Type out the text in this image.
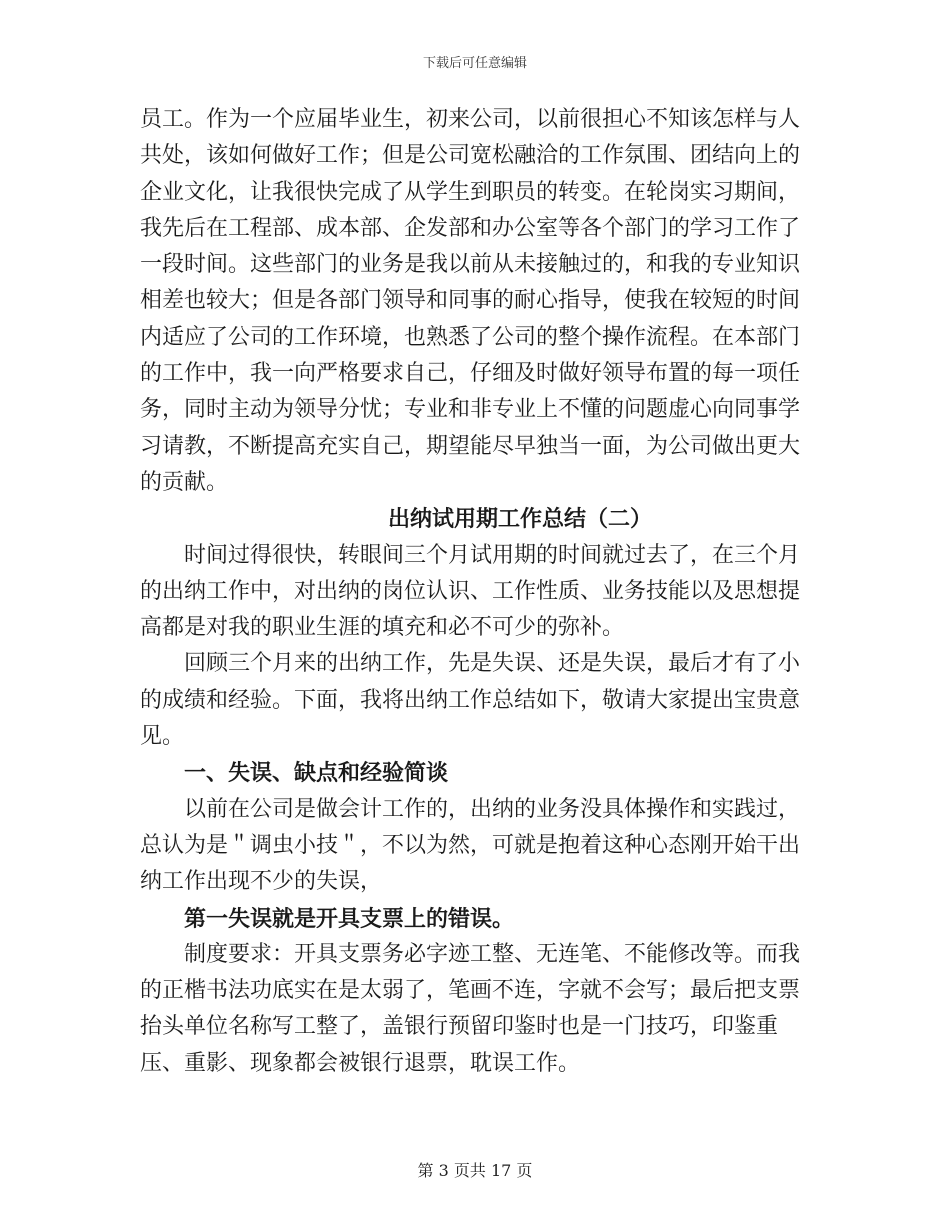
下载后可任意编辑

员工。作为一个应届毕业生，初来公司，以前很担心不知该怎样与人共处，该如何做好工作；但是公司宽松融洽的工作氛围、团结向上的企业文化，让我很快完成了从学生到职员的转变。在轮岗实习期间，我先后在工程部、成本部、企发部和办公室等各个部门的学习工作了一段时间。这些部门的业务是我以前从未接触过的，和我的专业知识相差也较大；但是各部门领导和同事的耐心指导，使我在较短的时间内适应了公司的工作环境，也熟悉了公司的整个操作流程。在本部门的工作中，我一向严格要求自己，仔细及时做好领导布置的每一项任务，同时主动为领导分忧；专业和非专业上不懂的问题虚心向同事学习请教，不断提高充实自己，期望能尽早独当一面，为公司做出更大的贡献。

出纳试用期工作总结（二）

时间过得很快，转眼间三个月试用期的时间就过去了，在三个月的出纳工作中，对出纳的岗位认识、工作性质、业务技能以及思想提高都是对我的职业生涯的填充和必不可少的弥补。

回顾三个月来的出纳工作，先是失误、还是失误，最后才有了小的成绩和经验。下面，我将出纳工作总结如下，敬请大家提出宝贵意见。

一、失误、缺点和经验简谈

以前在公司是做会计工作的，出纳的业务没具体操作和实践过，总认为是＂调虫小技＂，不以为然，可就是抱着这种心态刚开始干出纳工作出现不少的失误，

第一失误就是开具支票上的错误。

制度要求：开具支票务必字迹工整、无连笔、不能修改等。而我的正楷书法功底实在是太弱了，笔画不连，字就不会写；最后把支票抬头单位名称写工整了，盖银行预留印鉴时也是一门技巧，印鉴重压、重影、现象都会被银行退票，耽误工作。

第 3 页共 17 页
